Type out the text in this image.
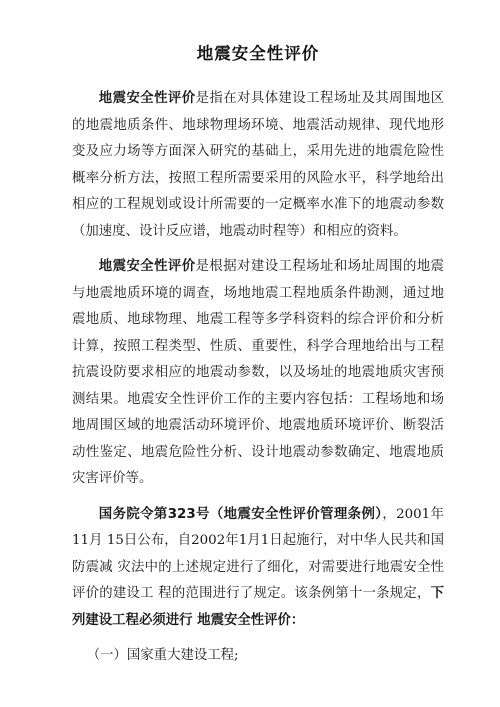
地震安全性评价

地震安全性评价是指在对具体建设工程场址及其周围地区的地震地质条件、地球物理场环境、地震活动规律、现代地形变及应力场等方面深入研究的基础上，采用先进的地震危险性概率分析方法，按照工程所需要采用的风险水平，科学地给出相应的工程规划或设计所需要的一定概率水准下的地震动参数（加速度、设计反应谱，地震动时程等）和相应的资料。

地震安全性评价是根据对建设工程场址和场址周围的地震与地震地质环境的调查，场地地震工程地质条件勘测，通过地震地质、地球物理、地震工程等多学科资料的综合评价和分析计算，按照工程类型、性质、重要性，科学合理地给出与工程抗震设防要求相应的地震动参数，以及场址的地震地质灾害预测结果。地震安全性评价工作的主要内容包括：工程场地和场地周围区域的地震活动环境评价、地震地质环境评价、断裂活动性鉴定、地震危险性分析、设计地震动参数确定、地震地质灾害评价等。

国务院令第323号（地震安全性评价管理条例），2001年11月 15日公布，自2002年1月1日起施行，对中华人民共和国防震减 灾法中的上述规定进行了细化，对需要进行地震安全性评价的建设工 程的范围进行了规定。该条例第十一条规定，下列建设工程必须进行 地震安全性评价：

（一）国家重大建设工程;
